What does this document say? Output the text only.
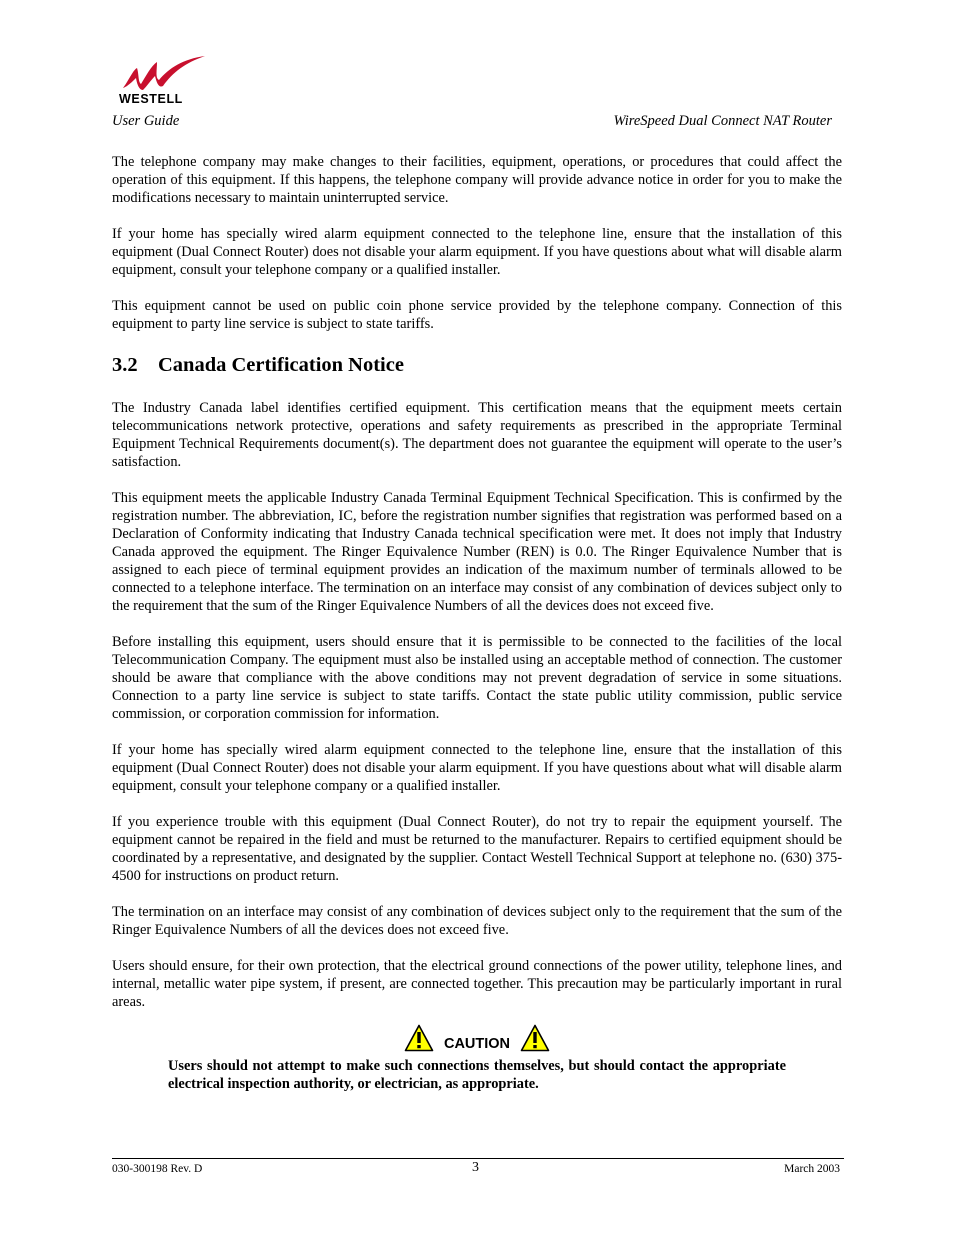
WESTELL
User Guide	WireSpeed Dual Connect NAT Router

The telephone company may make changes to their facilities, equipment, operations, or procedures that could affect the operation of this equipment. If this happens, the telephone company will provide advance notice in order for you to make the modifications necessary to maintain uninterrupted service.

If your home has specially wired alarm equipment connected to the telephone line, ensure that the installation of this equipment (Dual Connect Router) does not disable your alarm equipment. If you have questions about what will disable alarm equipment, consult your telephone company or a qualified installer.

This equipment cannot be used on public coin phone service provided by the telephone company. Connection of this equipment to party line service is subject to state tariffs.

3.2 Canada Certification Notice

The Industry Canada label identifies certified equipment. This certification means that the equipment meets certain telecommunications network protective, operations and safety requirements as prescribed in the appropriate Terminal Equipment Technical Requirements document(s). The department does not guarantee the equipment will operate to the user’s satisfaction.

This equipment meets the applicable Industry Canada Terminal Equipment Technical Specification. This is confirmed by the registration number. The abbreviation, IC, before the registration number signifies that registration was performed based on a Declaration of Conformity indicating that Industry Canada technical specification were met. It does not imply that Industry Canada approved the equipment. The Ringer Equivalence Number (REN) is 0.0. The Ringer Equivalence Number that is assigned to each piece of terminal equipment provides an indication of the maximum number of terminals allowed to be connected to a telephone interface. The termination on an interface may consist of any combination of devices subject only to the requirement that the sum of the Ringer Equivalence Numbers of all the devices does not exceed five.

Before installing this equipment, users should ensure that it is permissible to be connected to the facilities of the local Telecommunication Company. The equipment must also be installed using an acceptable method of connection. The customer should be aware that compliance with the above conditions may not prevent degradation of service in some situations. Connection to a party line service is subject to state tariffs. Contact the state public utility commission, public service commission, or corporation commission for information.

If your home has specially wired alarm equipment connected to the telephone line, ensure that the installation of this equipment (Dual Connect Router) does not disable your alarm equipment. If you have questions about what will disable alarm equipment, consult your telephone company or a qualified installer.

If you experience trouble with this equipment (Dual Connect Router), do not try to repair the equipment yourself. The equipment cannot be repaired in the field and must be returned to the manufacturer. Repairs to certified equipment should be coordinated by a representative, and designated by the supplier. Contact Westell Technical Support at telephone no. (630) 375-4500 for instructions on product return.

The termination on an interface may consist of any combination of devices subject only to the requirement that the sum of the Ringer Equivalence Numbers of all the devices does not exceed five.

Users should ensure, for their own protection, that the electrical ground connections of the power utility, telephone lines, and internal, metallic water pipe system, if present, are connected together. This precaution may be particularly important in rural areas.

CAUTION

Users should not attempt to make such connections themselves, but should contact the appropriate electrical inspection authority, or electrician, as appropriate.

030-300198 Rev. D	3	March 2003
